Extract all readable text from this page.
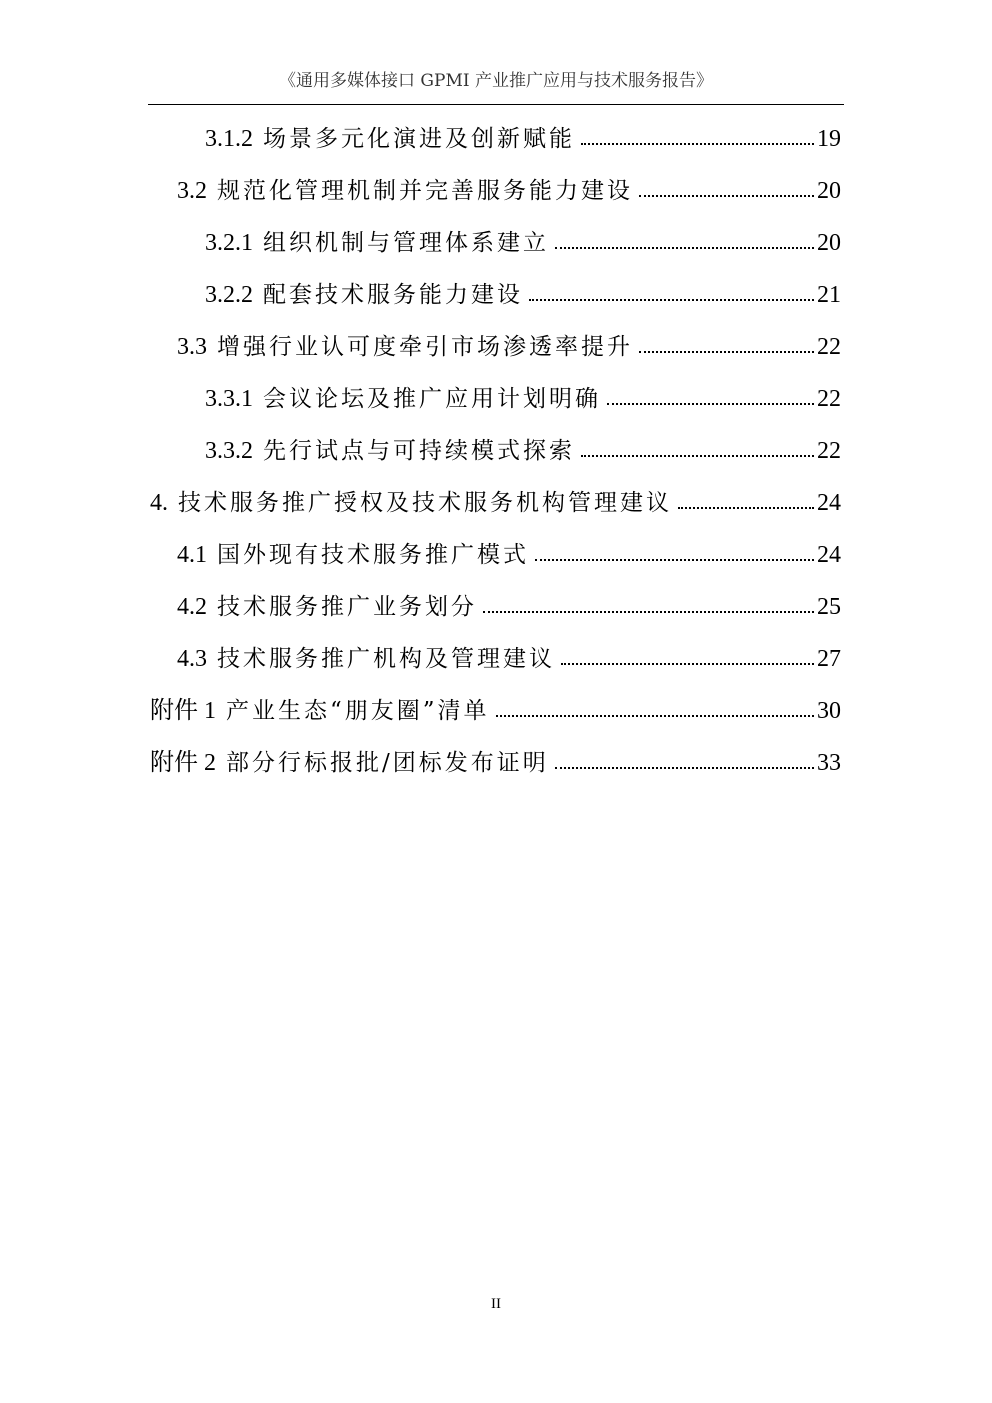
《通用多媒体接口 GPMI 产业推广应用与技术服务报告》
3.1.2 场景多元化演进及创新赋能	19
3.2 规范化管理机制并完善服务能力建设	20
3.2.1 组织机制与管理体系建立	20
3.2.2 配套技术服务能力建设	21
3.3 增强行业认可度牵引市场渗透率提升	22
3.3.1 会议论坛及推广应用计划明确	22
3.3.2 先行试点与可持续模式探索	22
4. 技术服务推广授权及技术服务机构管理建议	24
4.1 国外现有技术服务推广模式	24
4.2 技术服务推广业务划分	25
4.3 技术服务推广机构及管理建议	27
附件 1 产业生态“朋友圈”清单	30
附件 2 部分行标报批/团标发布证明	33
II
